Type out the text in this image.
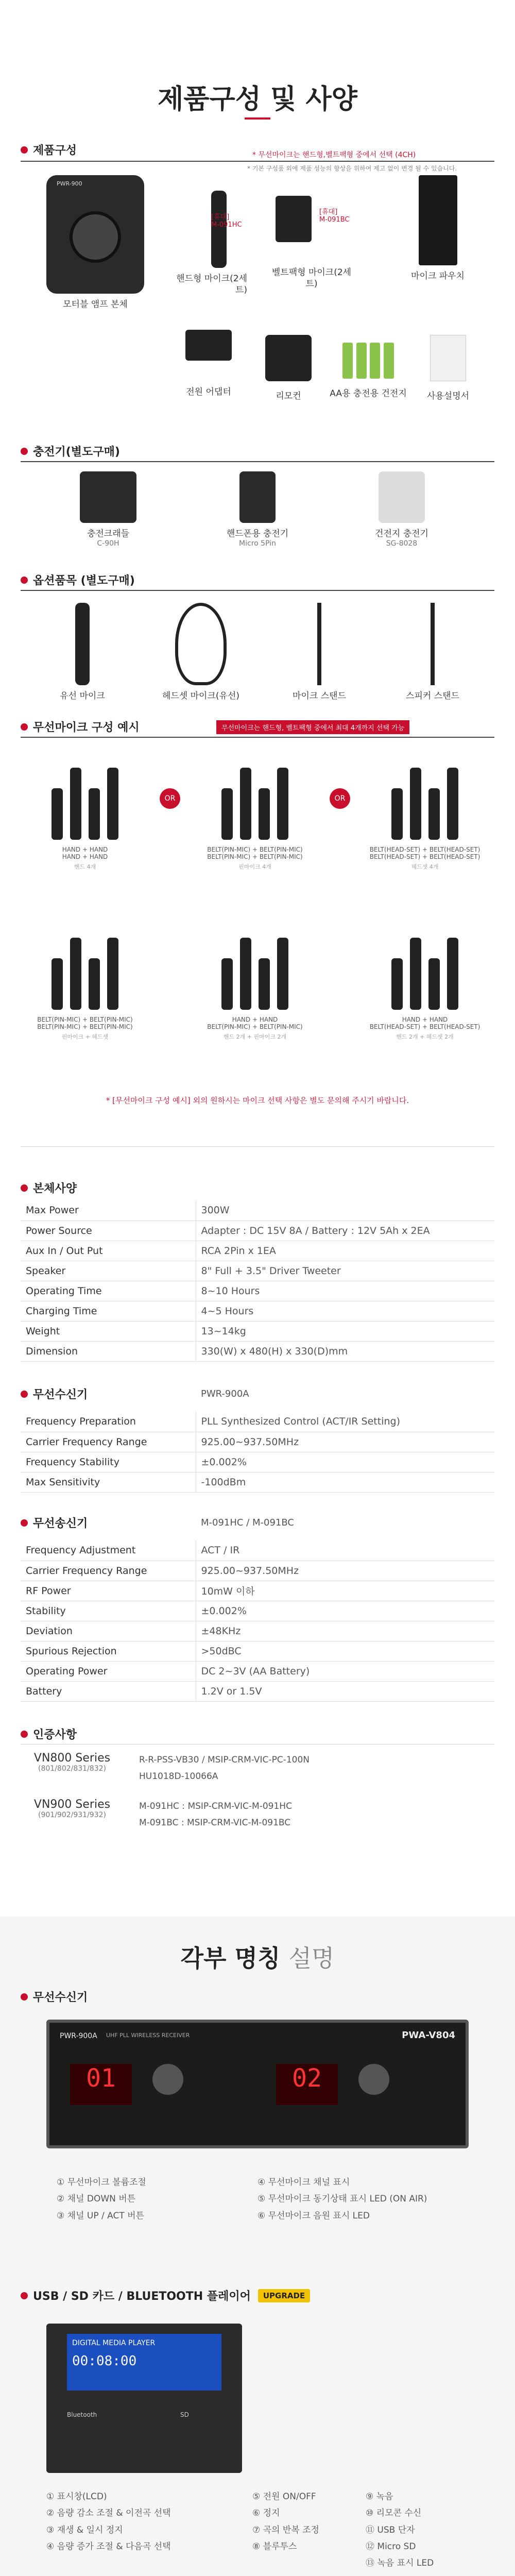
제품구성 및 사양
제품구성	* 무선마이크는 핸드형,벨트팩형 중에서 선택 (4CH)
* 기본 구성품 외에 제품 성능의 향상을 위하여 제고 없이 변경 될 수 있습니다.
PWR-900
모터블 앰프 본체
[휴대]
M-091HC
핸드형 마이크(2세트)
[휴대]
M-091BC
벨트팩형 마이크(2세트)
마이크 파우치
전원 어댑터	리모컨	AA용 충전용 건전지	사용설명서
충전기(별도구매)
충전크래들
C-90H
핸드폰용 충전기
Micro 5Pin
건전지 충전기
SG-8028
옵션품목 (별도구매)
유선 마이크	헤드셋 마이크(유선)	마이크 스탠드	스피커 스탠드
무선마이크 구성 예시	무선마이크는 핸드형, 벨트팩형 중에서 최대 4개까지 선택 가능
HAND + HAND
HAND + HAND
핸드 4개
OR
BELT(PIN-MIC) + BELT(PIN-MIC)
BELT(PIN-MIC) + BELT(PIN-MIC)
핀마이크 4개
OR
BELT(HEAD-SET) + BELT(HEAD-SET)
BELT(HEAD-SET) + BELT(HEAD-SET)
헤드셋 4개
BELT(PIN-MIC) + BELT(PIN-MIC)
BELT(PIN-MIC) + BELT(PIN-MIC)
핀마이크 + 헤드셋
HAND + HAND
BELT(PIN-MIC) + BELT(PIN-MIC)
핸드 2개 + 핀마이크 2개
HAND + HAND
BELT(HEAD-SET) + BELT(HEAD-SET)
핸드 2개 + 헤드셋 2개
* [무선마이크 구성 예시] 외의 원하시는 마이크 선택 사항은 별도 문의해 주시기 바랍니다.
본체사양
Max Power	300W
Power Source	Adapter : DC 15V 8A / Battery : 12V 5Ah x 2EA
Aux In / Out Put	RCA 2Pin x 1EA
Speaker	8" Full + 3.5" Driver Tweeter
Operating Time	8~10 Hours
Charging Time	4~5 Hours
Weight	13~14kg
Dimension	330(W) x 480(H) x 330(D)mm
무선수신기	PWR-900A
Frequency Preparation	PLL Synthesized Control (ACT/IR Setting)
Carrier Frequency Range	925.00~937.50MHz
Frequency Stability	±0.002%
Max Sensitivity	-100dBm
무선송신기	M-091HC / M-091BC
Frequency Adjustment	ACT / IR
Carrier Frequency Range	925.00~937.50MHz
RF Power	10mW 이하
Stability	±0.002%
Deviation	±48KHz
Spurious Rejection	>50dBC
Operating Power	DC 2~3V (AA Battery)
Battery	1.2V or 1.5V
인증사항
VN800 Series
(801/802/831/832)
R-R-PSS-VB30 / MSIP-CRM-VIC-PC-100N
HU1018D-10066A
VN900 Series
(901/902/931/932)
M-091HC : MSIP-CRM-VIC-M-091HC
M-091BC : MSIP-CRM-VIC-M-091BC
각부 명칭 설명
무선수신기
PWR-900A UHF PLL WIRELESS RECEIVER	PWA-V804
01	02
① 무선마이크 볼륨조절
② 채널 DOWN 버튼
③ 채널 UP / ACT 버튼
④ 무선마이크 채널 표시
⑤ 무선마이크 동기상태 표시 LED (ON AIR)
⑥ 무선마이크 음원 표시 LED
USB / SD 카드 / BLUETOOTH 플레이어	UPGRADE
DIGITAL MEDIA PLAYER
00:08:00
Bluetooth	SD
① 표시창(LCD)
② 음량 감소 조절 & 이전곡 선택
③ 재생 & 일시 정지
④ 음량 증가 조절 & 다음곡 선택
⑤ 전원 ON/OFF
⑥ 정지
⑦ 곡의 반복 조정
⑧ 블루투스
⑨ 녹음
⑩ 리모콘 수신
⑪ USB 단자
⑫ Micro SD
⑬ 녹음 표시 LED
